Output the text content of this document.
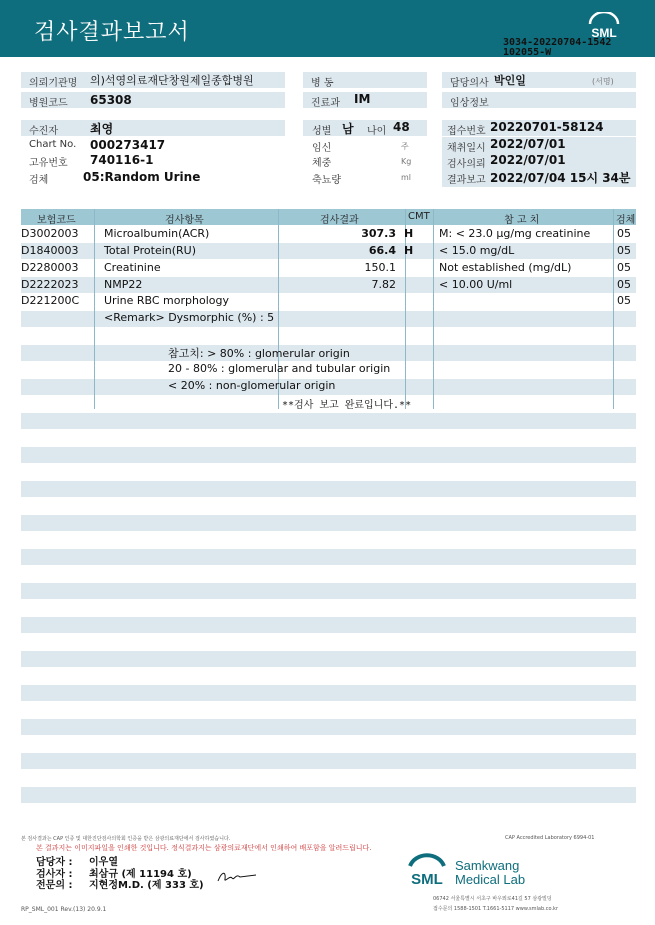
검사결과보고서	SML
3034-20220704-1542
102055-W
의뢰기관명	의)석영의료재단창원제일종합병원	병 동	담당의사 박인일	(서명)
병원코드	65308	진료과	IM	임상정보
수진자	최영
Chart No. 000273417
고유번호 740116-1
검체	05:Random Urine
성별 남 나이 48
임신	주
체중	Kg
축뇨량	ml
접수번호 20220701-58124
채취일시 2022/07/01
검사의뢰 2022/07/01
결과보고 2022/07/04 15시 34분
보험코드	검사항목	검사결과	CMT	참 고 치	검체
D3002003 Microalbumin(ACR)	307.3 H M: < 23.0 µg/mg creatinine 05
D1840003 Total Protein(RU)	66.4 H < 15.0 mg/dL	05
D2280003 Creatinine	150.1	Not established (mg/dL)	05
D2222023 NMP22	7.82	< 10.00 U/ml	05
D221200C Urine RBC morphology	05
<Remark> Dysmorphic (%) : 5
참고치: > 80% : glomerular origin
20 - 80% : glomerular and tubular origin
< 20% : non-glomerular origin
**검사 보고 완료입니다.**
본 검사결과는 CAP 인증 및 대한진단검사의학회 인증을 받은 삼광의료재단에서 검사하였습니다.	CAP Accredited Laboratory 6994-01
본 결과지는 이미지파일을 인쇄한 것입니다. 정식결과지는 삼광의료재단에서 인쇄하여 배포함을 알려드립니다.
담당자 : 이우열
검사자 : 최삼규 (제 11194 호)
전문의 : 지현정M.D. (제 333 호)	SML
Samkwang
Medical Lab
06742 서울특별시 서초구 바우뫼로41길 57 삼광빌딩
접수문의 1588-1501 T.1661-5117 www.smlab.co.kr
RP_SML_001 Rev.(13) 20.9.1
